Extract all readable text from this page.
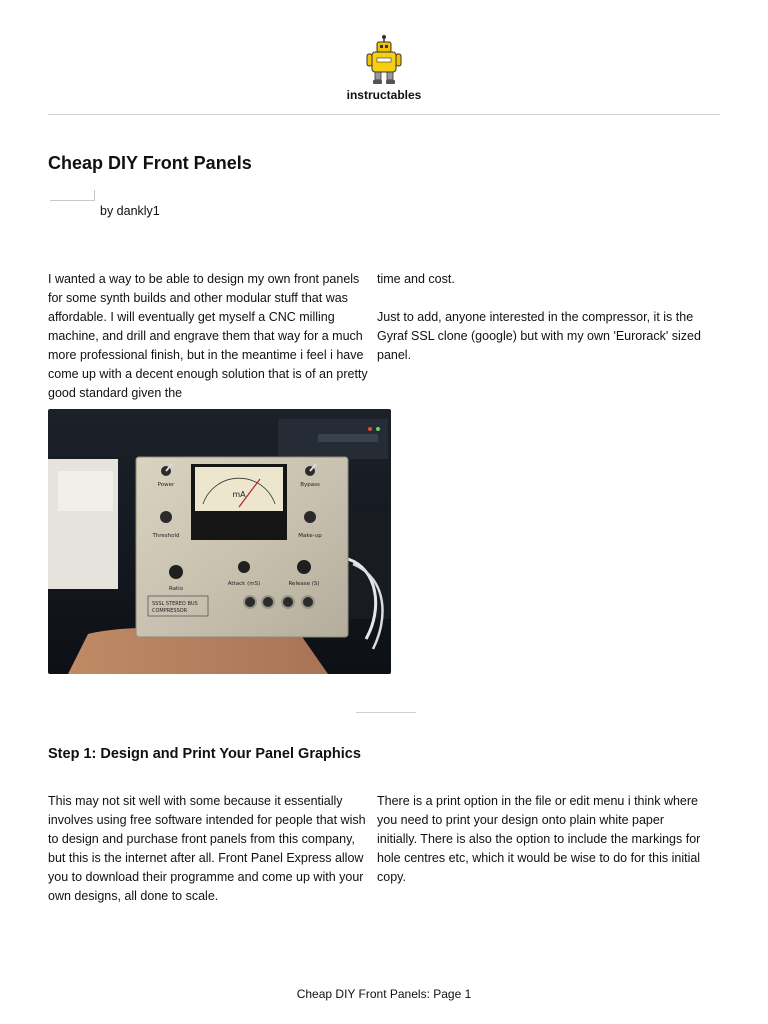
instructables
Cheap DIY Front Panels
by dankly1

I wanted a way to be able to design my own front panels for some synth builds and other modular stuff that was affordable. I will eventually get myself a CNC milling machine, and drill and engrave them that way for a much more professional finish, but in the meantime i feel i have come up with a decent enough solution that is of an pretty good standard given the

time and cost.

Just to add, anyone interested in the compressor, it is the Gyraf SSL clone (google) but with my own 'Eurorack' sized panel.

mA
Power	Bypass
Threshold	Make-up
Ratio
Attack (mS)	Release (S)
SSSL STEREO BUS
COMPRESSOR
Step 1: Design and Print Your Panel Graphics

This may not sit well with some because it essentially involves using free software intended for people that wish to design and purchase front panels from this company, but this is the internet after all. Front Panel Express allow you to download their programme and come up with your own designs, all done to scale.

There is a print option in the file or edit menu i think where you need to print your design onto plain white paper initially. There is also the option to include the markings for hole centres etc, which it would be wise to do for this initial copy.

Cheap DIY Front Panels: Page 1
